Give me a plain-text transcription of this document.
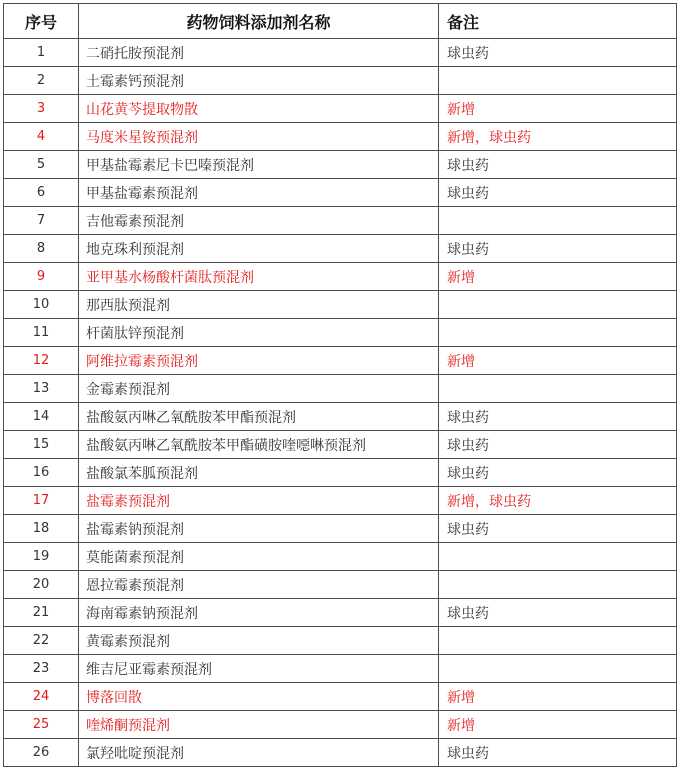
序号	药物饲料添加剂名称	备注
1	二硝托胺预混剂	球虫药
2	土霉素钙预混剂	
3	山花黄芩提取物散	新增
4	马度米星铵预混剂	新增，球虫药
5	甲基盐霉素尼卡巴嗪预混剂	球虫药
6	甲基盐霉素预混剂	球虫药
7	吉他霉素预混剂	
8	地克珠利预混剂	球虫药
9	亚甲基水杨酸杆菌肽预混剂	新增
10	那西肽预混剂	
11	杆菌肽锌预混剂	
12	阿维拉霉素预混剂	新增
13	金霉素预混剂	
14	盐酸氨丙啉乙氧酰胺苯甲酯预混剂	球虫药
15	盐酸氨丙啉乙氧酰胺苯甲酯磺胺喹噁啉预混剂	球虫药
16	盐酸氯苯胍预混剂	球虫药
17	盐霉素预混剂	新增，球虫药
18	盐霉素钠预混剂	球虫药
19	莫能菌素预混剂	
20	恩拉霉素预混剂	
21	海南霉素钠预混剂	球虫药
22	黄霉素预混剂	
23	维吉尼亚霉素预混剂	
24	博落回散	新增
25	喹烯酮预混剂	新增
26	氯羟吡啶预混剂	球虫药
